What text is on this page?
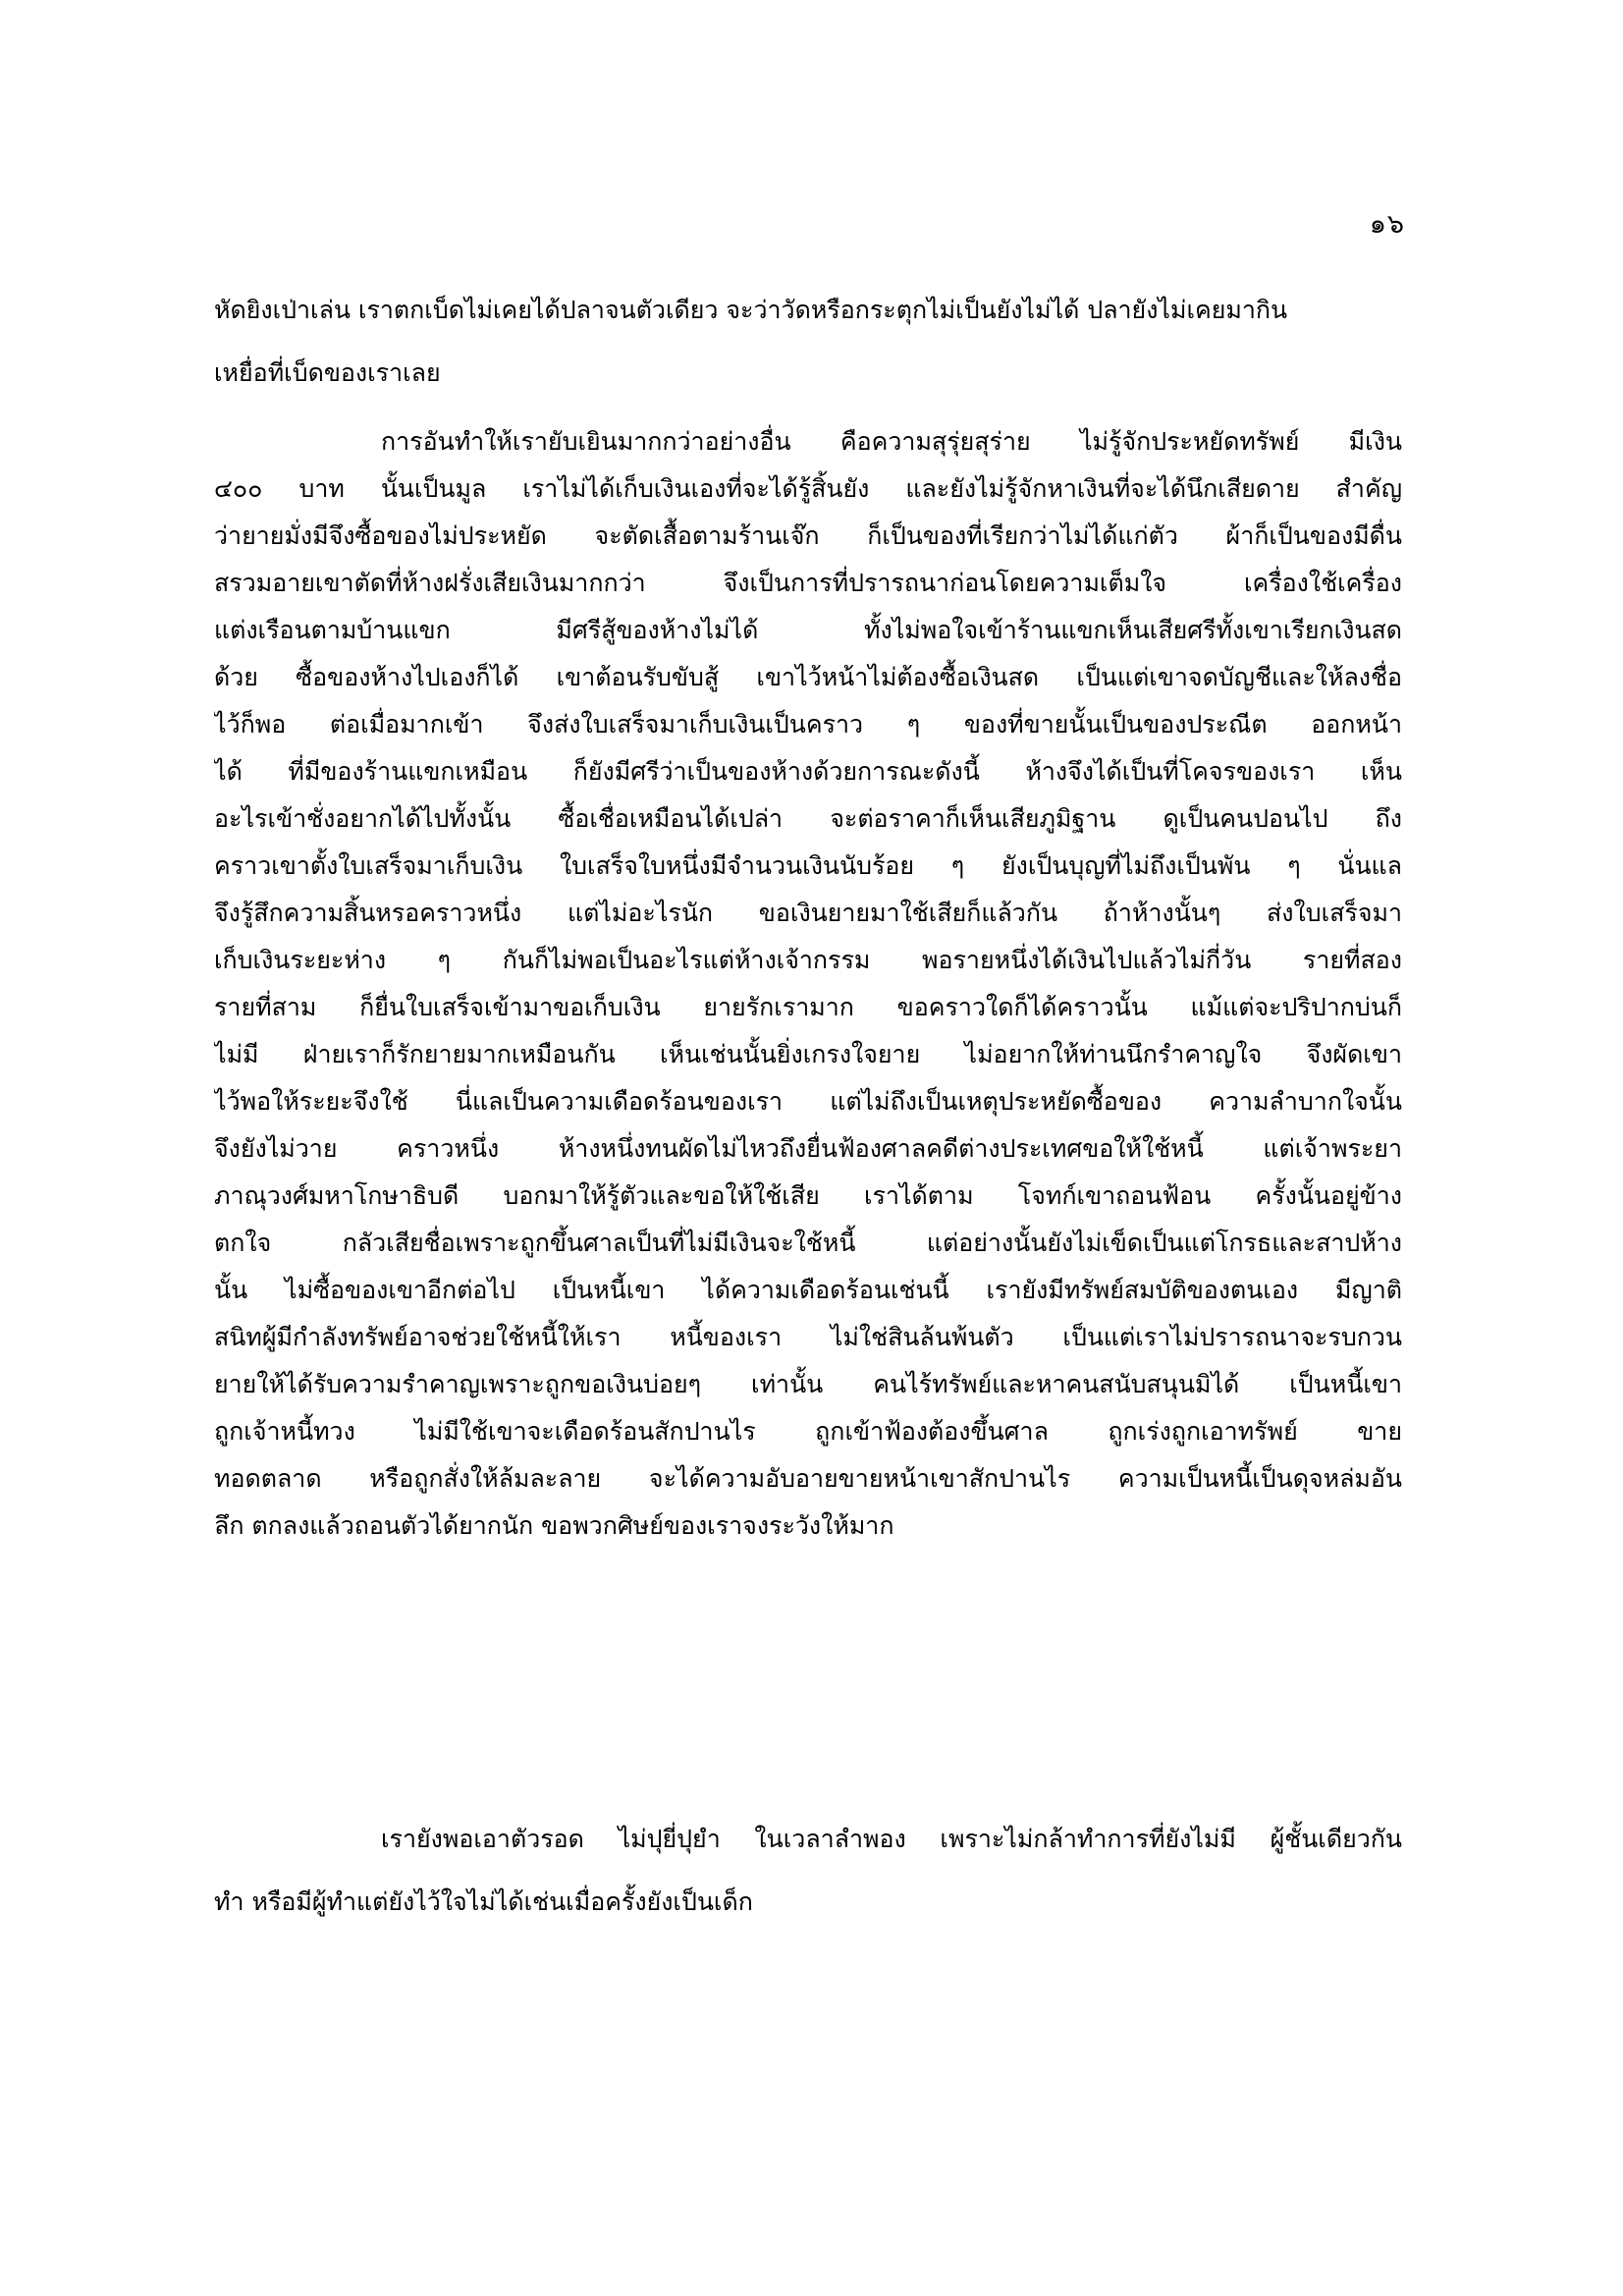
๑๖
หัดยิงเป่าเล่น เราตกเบ็ดไม่เคยได้ปลาจนตัวเดียว จะว่าวัดหรือกระตุกไม่เป็นยังไม่ได้ ปลายังไม่เคยมากิน
เหยื่อที่เบ็ดของเราเลย
การอันทำให้เรายับเยินมากกว่าอย่างอื่น คือความสุรุ่ยสุร่าย ไม่รู้จักประหยัดทรัพย์ มีเงิน
๔๐๐ บาท นั้นเป็นมูล เราไม่ได้เก็บเงินเองที่จะได้รู้สิ้นยัง และยังไม่รู้จักหาเงินที่จะได้นึกเสียดาย สำคัญ
ว่ายายมั่งมีจึงซื้อของไม่ประหยัด จะตัดเสื้อตามร้านเจ๊ก ก็เป็นของที่เรียกว่าไม่ได้แก่ตัว ผ้าก็เป็นของมีดื่น
สรวมอายเขาตัดที่ห้างฝรั่งเสียเงินมากกว่า จึงเป็นการที่ปรารถนาก่อนโดยความเต็มใจ เครื่องใช้เครื่อง
แต่งเรือนตามบ้านแขก มีศรีสู้ของห้างไม่ได้ ทั้งไม่พอใจเข้าร้านแขกเห็นเสียศรีทั้งเขาเรียกเงินสด
ด้วย ซื้อของห้างไปเองก็ได้ เขาต้อนรับขับสู้ เขาไว้หน้าไม่ต้องซื้อเงินสด เป็นแต่เขาจดบัญชีและให้ลงชื่อ
ไว้ก็พอ ต่อเมื่อมากเข้า จึงส่งใบเสร็จมาเก็บเงินเป็นคราว ๆ ของที่ขายนั้นเป็นของประณีต ออกหน้า
ได้ ที่มีของร้านแขกเหมือน ก็ยังมีศรีว่าเป็นของห้างด้วยการณะดังนี้ ห้างจึงได้เป็นที่โคจรของเรา เห็น
อะไรเข้าชั่งอยากได้ไปทั้งนั้น ซื้อเชื่อเหมือนได้เปล่า จะต่อราคาก็เห็นเสียภูมิฐาน ดูเป็นคนปอนไป ถึง
คราวเขาตั้งใบเสร็จมาเก็บเงิน ใบเสร็จใบหนึ่งมีจำนวนเงินนับร้อย ๆ ยังเป็นบุญที่ไม่ถึงเป็นพัน ๆ นั่นแล
จึงรู้สึกความสิ้นหรอคราวหนึ่ง แต่ไม่อะไรนัก ขอเงินยายมาใช้เสียก็แล้วกัน ถ้าห้างนั้นๆ ส่งใบเสร็จมา
เก็บเงินระยะห่าง ๆ กันก็ไม่พอเป็นอะไรแต่ห้างเจ้ากรรม พอรายหนึ่งได้เงินไปแล้วไม่กี่วัน รายที่สอง
รายที่สาม ก็ยื่นใบเสร็จเข้ามาขอเก็บเงิน ยายรักเรามาก ขอคราวใดก็ได้คราวนั้น แม้แต่จะปริปากบ่นก็
ไม่มี ฝ่ายเราก็รักยายมากเหมือนกัน เห็นเช่นนั้นยิ่งเกรงใจยาย ไม่อยากให้ท่านนึกรำคาญใจ จึงผัดเขา
ไว้พอให้ระยะจึงใช้ นี่แลเป็นความเดือดร้อนของเรา แต่ไม่ถึงเป็นเหตุประหยัดซื้อของ ความลำบากใจนั้น
จึงยังไม่วาย คราวหนึ่ง ห้างหนึ่งทนผัดไม่ไหวถึงยื่นฟ้องศาลคดีต่างประเทศขอให้ใช้หนี้ แต่เจ้าพระยา
ภาณุวงศ์มหาโกษาธิบดี บอกมาให้รู้ตัวและขอให้ใช้เสีย เราได้ตาม โจทก์เขาถอนฟ้อน ครั้งนั้นอยู่ข้าง
ตกใจ กลัวเสียชื่อเพราะถูกขึ้นศาลเป็นที่ไม่มีเงินจะใช้หนี้ แต่อย่างนั้นยังไม่เข็ดเป็นแต่โกรธและสาปห้าง
นั้น ไม่ซื้อของเขาอีกต่อไป เป็นหนี้เขา ได้ความเดือดร้อนเช่นนี้ เรายังมีทรัพย์สมบัติของตนเอง มีญาติ
สนิทผู้มีกำลังทรัพย์อาจช่วยใช้หนี้ให้เรา หนี้ของเรา ไม่ใช่สินล้นพ้นตัว เป็นแต่เราไม่ปรารถนาจะรบกวน
ยายให้ได้รับความรำคาญเพราะถูกขอเงินบ่อยๆ เท่านั้น คนไร้ทรัพย์และหาคนสนับสนุนมิได้ เป็นหนี้เขา
ถูกเจ้าหนี้ทวง ไม่มีใช้เขาจะเดือดร้อนสักปานไร ถูกเข้าฟ้องต้องขึ้นศาล ถูกเร่งถูกเอาทรัพย์ ขาย
ทอดตลาด หรือถูกสั่งให้ล้มละลาย จะได้ความอับอายขายหน้าเขาสักปานไร ความเป็นหนี้เป็นดุจหล่มอัน
ลึก ตกลงแล้วถอนตัวได้ยากนัก ขอพวกศิษย์ของเราจงระวังให้มาก
เรายังพอเอาตัวรอด ไม่ปุยี่ปุยำ ในเวลาลำพอง เพราะไม่กล้าทำการที่ยังไม่มี ผู้ชั้นเดียวกัน
ทำ หรือมีผู้ทำแต่ยังไว้ใจไม่ได้เช่นเมื่อครั้งยังเป็นเด็ก
